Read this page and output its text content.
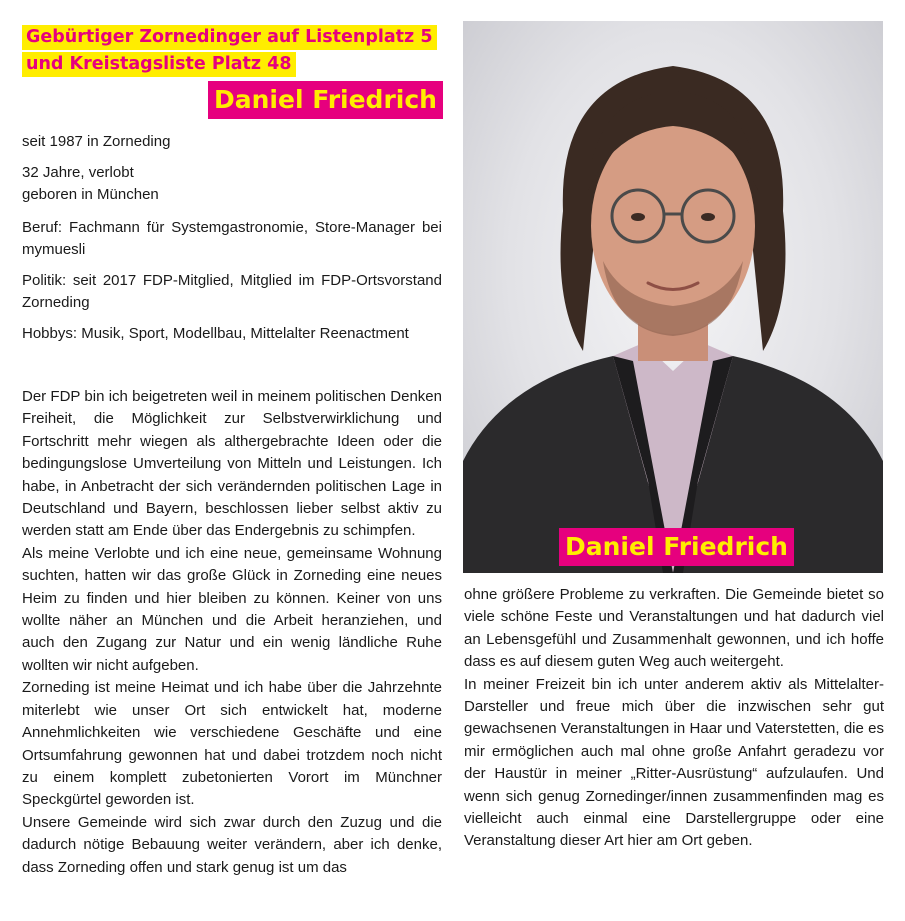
Gebürtiger Zornedinger auf Listenplatz 5
und Kreistagsliste Platz 48
Daniel Friedrich

seit 1987 in Zorneding

32 Jahre, verlobt

geboren in München

Beruf: Fachmann für Systemgastronomie, Store-Manager bei mymuesli

Politik: seit 2017 FDP-Mitglied, Mitglied im FDP-Ortsvorstand Zorneding

Hobbys: Musik, Sport, Modellbau, Mittelalter Reenactment

Der FDP bin ich beigetreten weil in meinem politischen Denken Freiheit, die Möglichkeit zur Selbstverwirklichung und Fortschritt mehr wiegen als althergebrachte Ideen oder die bedingungslose Umverteilung von Mitteln und Leistungen. Ich habe, in Anbetracht der sich verändernden politischen Lage in Deutschland und Bayern, beschlossen lieber selbst aktiv zu werden statt am Ende über das Endergebnis zu schimpfen.

Als meine Verlobte und ich eine neue, gemeinsame Wohnung suchten, hatten wir das große Glück in Zorneding eine neues Heim zu finden und hier bleiben zu können. Keiner von uns wollte näher an München und die Arbeit heranziehen, und auch den Zugang zur Natur und ein wenig ländliche Ruhe wollten wir nicht aufgeben.

Zorneding ist meine Heimat und ich habe über die Jahrzehnte miterlebt wie unser Ort sich entwickelt hat, moderne Annehmlichkeiten wie verschiedene Geschäfte und eine Ortsumfahrung gewonnen hat und dabei trotzdem noch nicht zu einem komplett zubetonierten Vorort im Münchner Speckgürtel geworden ist.

Unsere Gemeinde wird sich zwar durch den Zuzug und die dadurch nötige Bebauung weiter verändern, aber ich denke, dass Zorneding offen und stark genug ist um das

Daniel Friedrich

ohne größere Probleme zu verkraften. Die Gemeinde bietet so viele schöne Feste und Veranstaltungen und hat dadurch viel an Lebensgefühl und Zusammenhalt gewonnen, und ich hoffe dass es auf diesem guten Weg auch weitergeht.

In meiner Freizeit bin ich unter anderem aktiv als Mittelalter-Darsteller und freue mich über die inzwischen sehr gut gewachsenen Veranstaltungen in Haar und Vaterstetten, die es mir ermöglichen auch mal ohne große Anfahrt geradezu vor der Haustür in meiner „Ritter-Ausrüstung“ aufzulaufen. Und wenn sich genug Zornedinger/innen zusammenfinden mag es vielleicht auch einmal eine Darstellergruppe oder eine Veranstaltung dieser Art hier am Ort geben.
